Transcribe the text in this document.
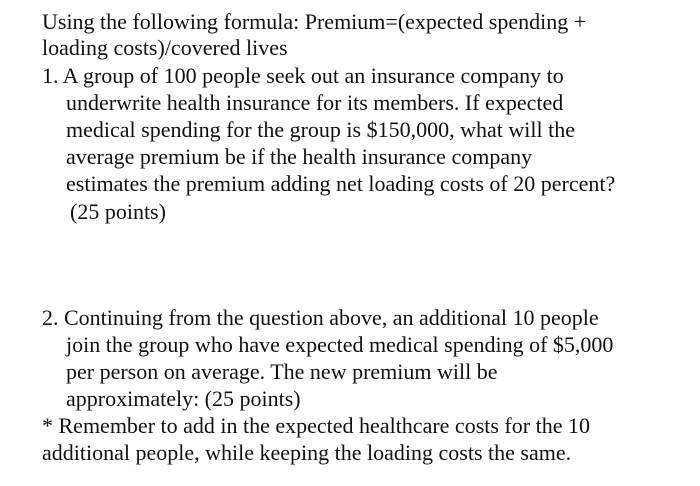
Using the following formula: Premium=(expected spending +
loading costs)/covered lives
1. A group of 100 people seek out an insurance company to
underwrite health insurance for its members. If expected
medical spending for the group is $150,000, what will the
average premium be if the health insurance company
estimates the premium adding net loading costs of 20 percent?
(25 points)
2. Continuing from the question above, an additional 10 people
join the group who have expected medical spending of $5,000
per person on average. The new premium will be
approximately: (25 points)
* Remember to add in the expected healthcare costs for the 10
additional people, while keeping the loading costs the same.
